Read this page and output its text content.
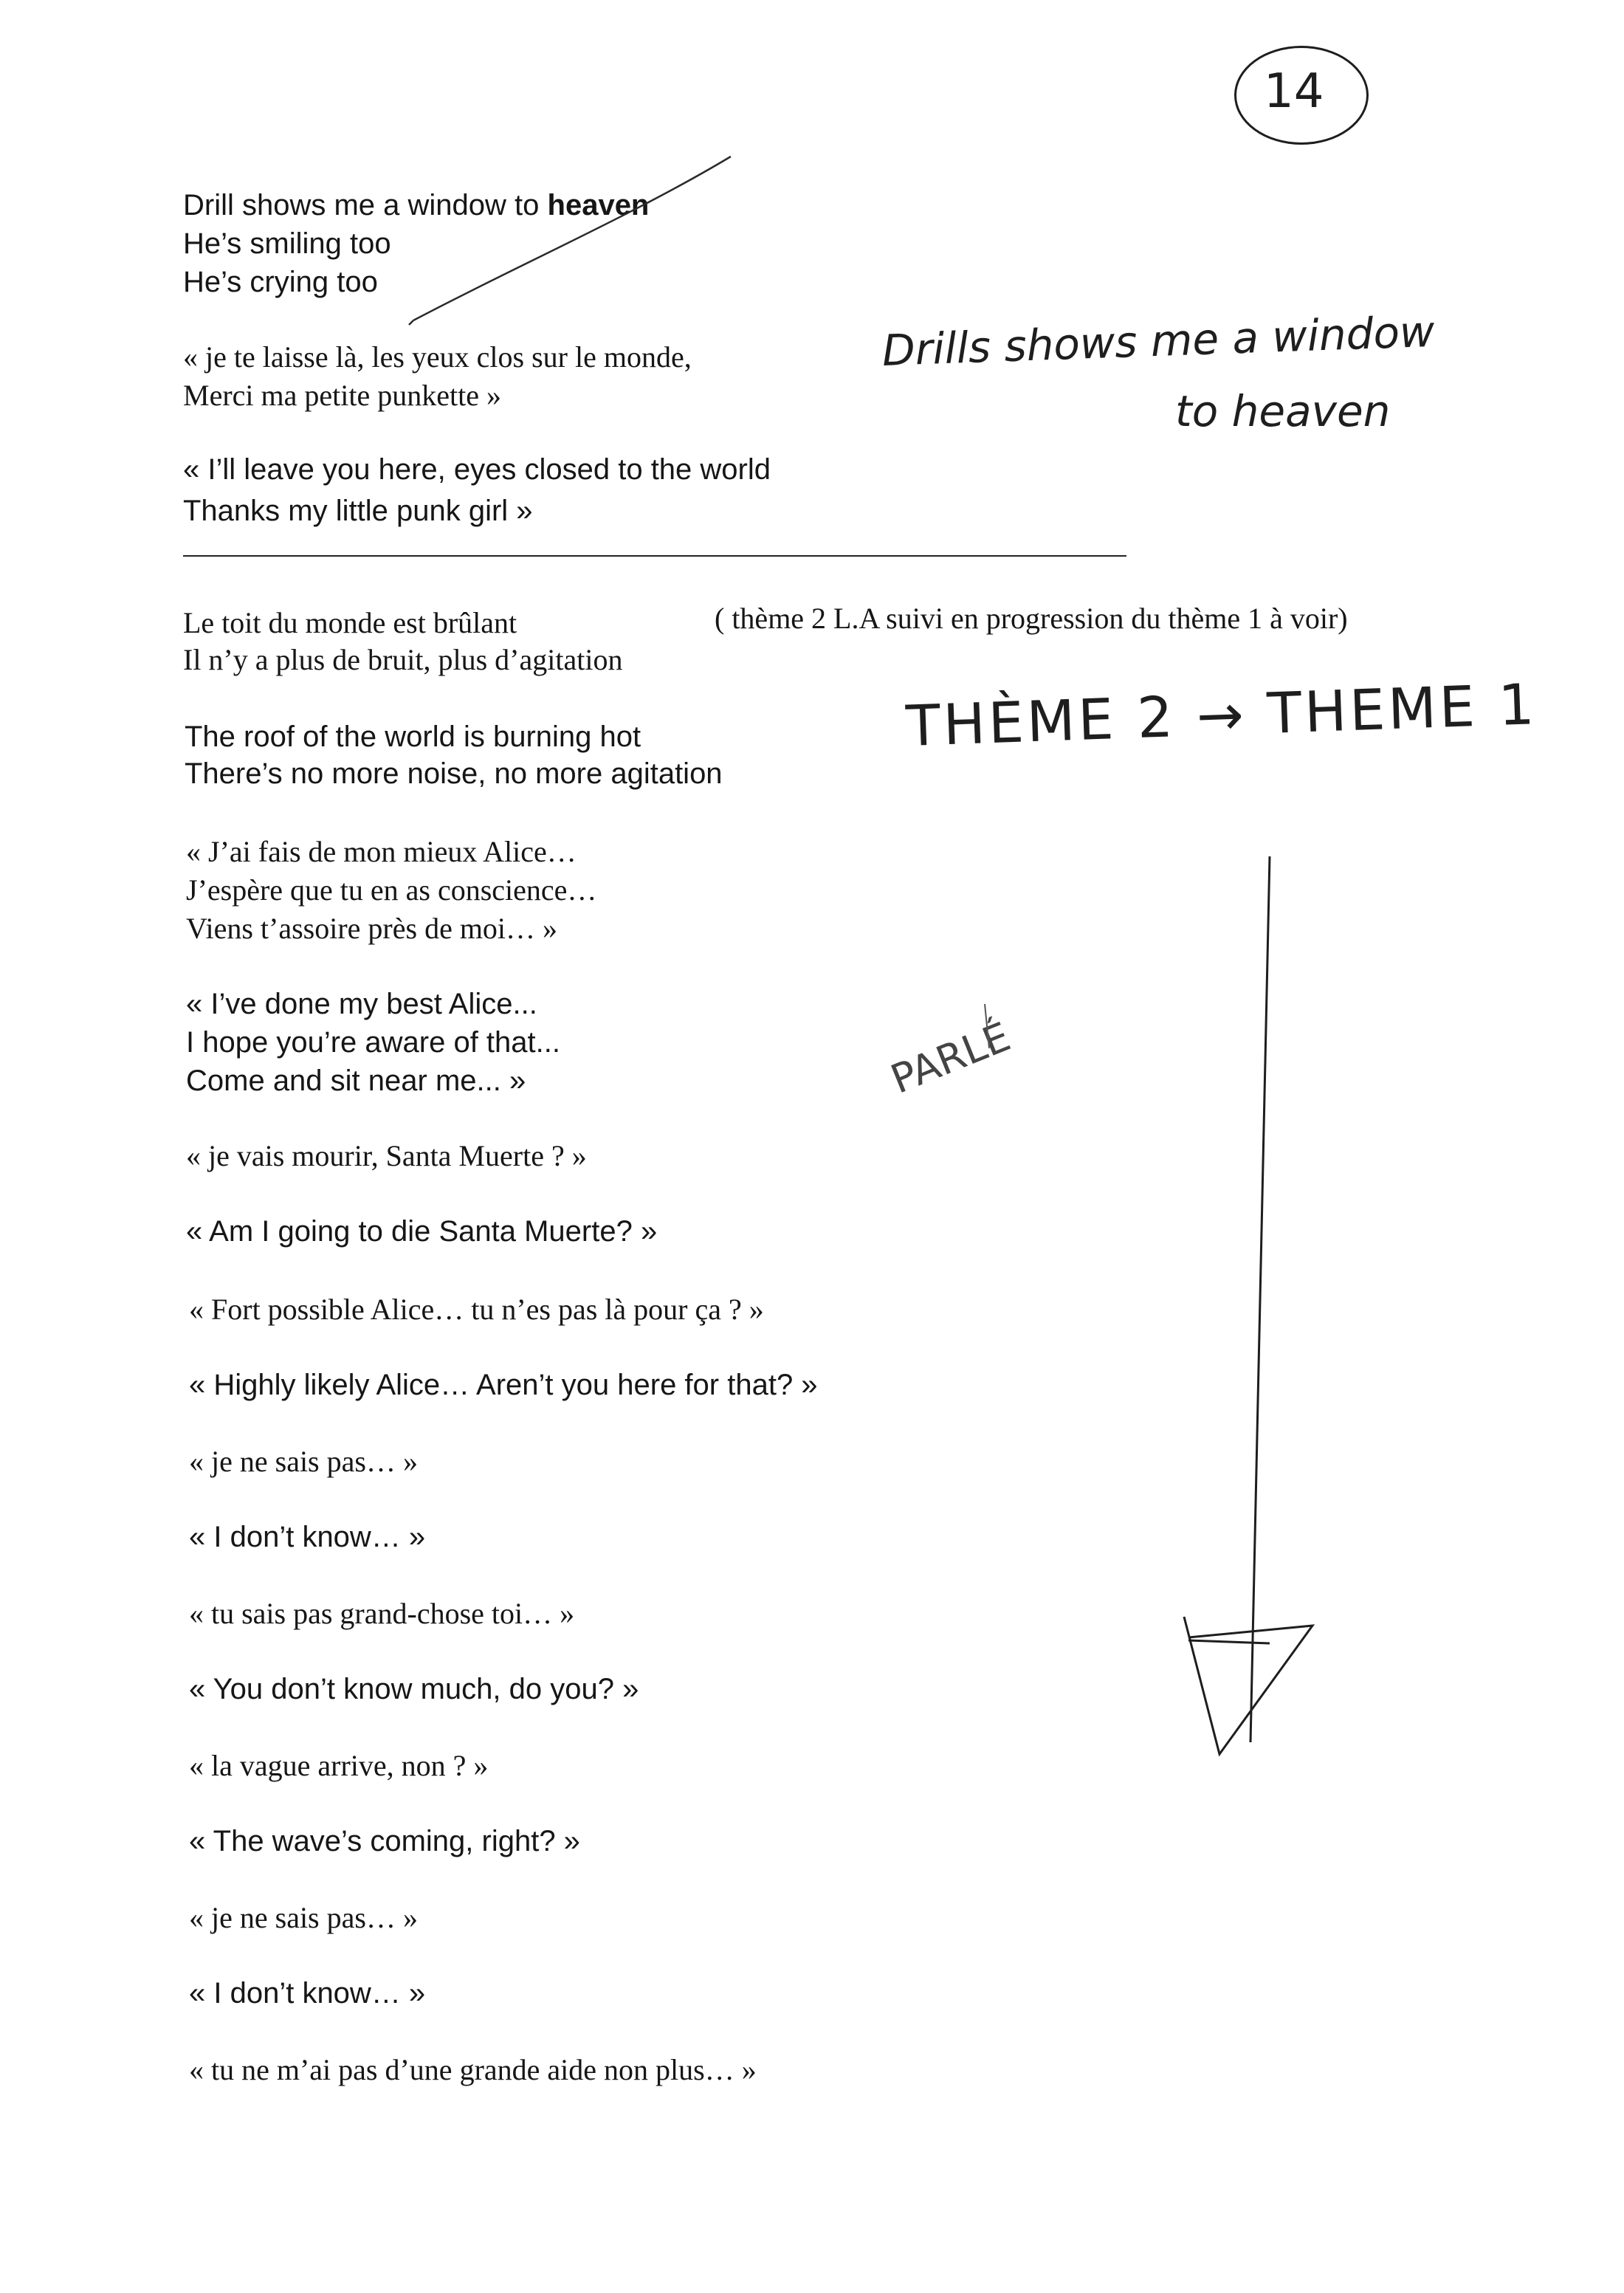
14
Drill shows me a window to heaven
He’s smiling too
He’s crying too
« je te laisse là, les yeux clos sur le monde,
Merci ma petite punkette »
« I’ll leave you here, eyes closed to the world
Thanks my little punk girl »
Le toit du monde est brûlant
Il n’y a plus de bruit, plus d’agitation
( thème 2 L.A suivi en progression du thème 1 à voir)
The roof of the world is burning hot
There’s no more noise, no more agitation
« J’ai fais de mon mieux Alice…
J’espère que tu en as conscience…
Viens t’assoire près de moi… »
« I’ve done my best Alice...
I hope you’re aware of that...
Come and sit near me... »
« je vais mourir, Santa Muerte ? »
« Am I going to die Santa Muerte? »
« Fort possible Alice… tu n’es pas là pour ça ? »
« Highly likely Alice… Aren’t you here for that? »
« je ne sais pas… »
« I don’t know… »
« tu sais pas grand-chose toi… »
« You don’t know much, do you? »
« la vague arrive, non ? »
« The wave’s coming, right? »
« je ne sais pas… »
« I don’t know… »
« tu ne m’ai pas d’une grande aide non plus… »
Drills shows me a window
to heaven
THÈME 2 → THEME 1
PARLÉ
